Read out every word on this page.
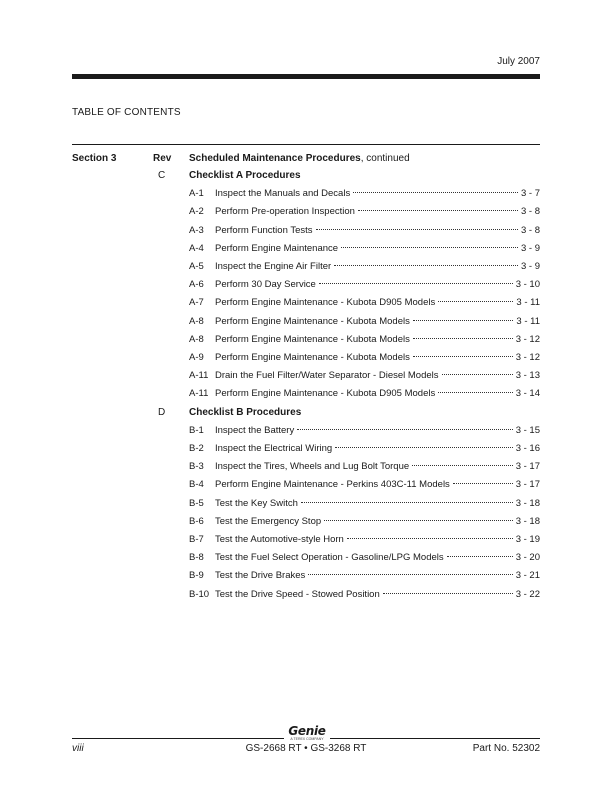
July 2007
TABLE OF CONTENTS
Section 3	Rev Scheduled Maintenance Procedures, continued
C Checklist A Procedures
A-1 Inspect the Manuals and Decals	3 - 7
A-2 Perform Pre-operation Inspection	3 - 8
A-3 Perform Function Tests	3 - 8
A-4 Perform Engine Maintenance	3 - 9
A-5 Inspect the Engine Air Filter	3 - 9
A-6 Perform 30 Day Service	3 - 10
A-7 Perform Engine Maintenance - Kubota D905 Models	3 - 11
A-8 Perform Engine Maintenance - Kubota Models	3 - 11
A-8 Perform Engine Maintenance - Kubota Models	3 - 12
A-9 Perform Engine Maintenance - Kubota Models	3 - 12
A-11 Drain the Fuel Filter/Water Separator - Diesel Models	3 - 13
A-11 Perform Engine Maintenance - Kubota D905 Models	3 - 14
D Checklist B Procedures
B-1 Inspect the Battery	3 - 15
B-2 Inspect the Electrical Wiring	3 - 16
B-3 Inspect the Tires, Wheels and Lug Bolt Torque	3 - 17
B-4 Perform Engine Maintenance - Perkins 403C-11 Models	3 - 17
B-5 Test the Key Switch	3 - 18
B-6 Test the Emergency Stop	3 - 18
B-7 Test the Automotive-style Horn	3 - 19
B-8 Test the Fuel Select Operation - Gasoline/LPG Models	3 - 20
B-9 Test the Drive Brakes	3 - 21
B-10 Test the Drive Speed - Stowed Position	3 - 22
Genie
A TEREX COMPANY
viii	GS-2668 RT • GS-3268 RT	Part No. 52302
